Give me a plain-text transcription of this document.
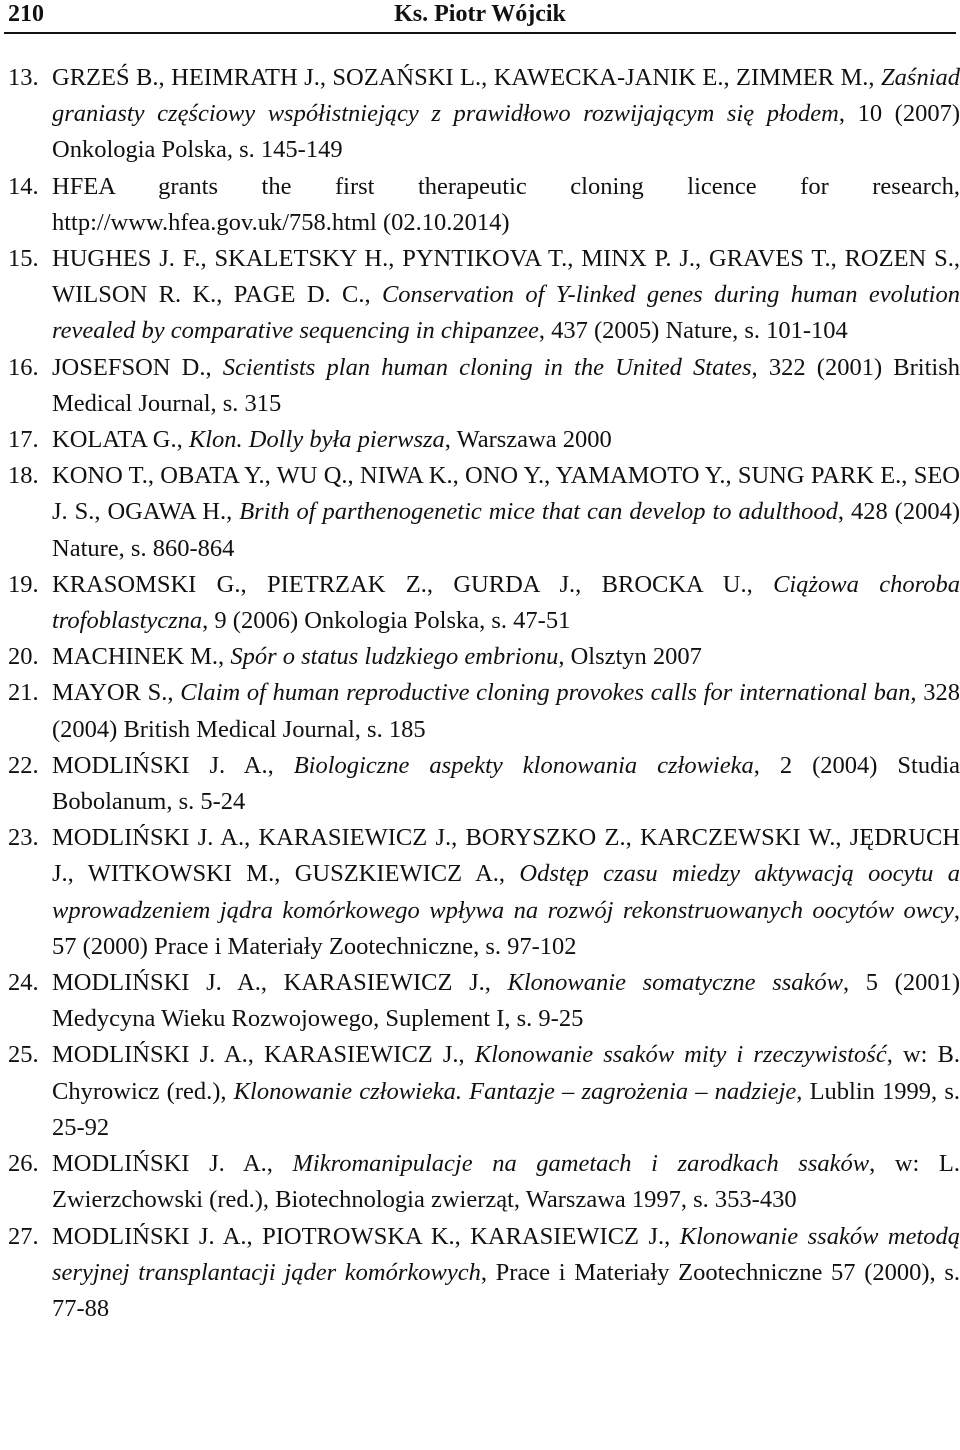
210	Ks. Piotr Wójcik
13. GRZEŚ B., HEIMRATH J., SOZAŃSKI L., KAWECKA-JANIK E., ZIMMER M., Zaśniad graniasty częściowy współistniejący z prawidłowo rozwijającym się płodem, 10 (2007) Onkologia Polska, s. 145-149
14. HFEA grants the first therapeutic cloning licence for research, http://www.hfea.gov.uk/758.html (02.10.2014)
15. HUGHES J. F., SKALETSKY H., PYNTIKOVA T., MINX P. J., GRAVES T., ROZEN S., WILSON R. K., PAGE D. C., Conservation of Y-linked genes during human evolution revealed by comparative sequencing in chipanzee, 437 (2005) Nature, s. 101-104
16. JOSEFSON D., Scientists plan human cloning in the United States, 322 (2001) British Medical Journal, s. 315
17. KOLATA G., Klon. Dolly była pierwsza, Warszawa 2000
18. KONO T., OBATA Y., WU Q., NIWA K., ONO Y., YAMAMOTO Y., SUNG PARK E., SEO J. S., OGAWA H., Brith of parthenogenetic mice that can develop to adulthood, 428 (2004) Nature, s. 860-864
19. KRASOMSKI G., PIETRZAK Z., GURDA J., BROCKA U., Ciążowa choroba trofoblastyczna, 9 (2006) Onkologia Polska, s. 47-51
20. MACHINEK M., Spór o status ludzkiego embrionu, Olsztyn 2007
21. MAYOR S., Claim of human reproductive cloning provokes calls for international ban, 328 (2004) British Medical Journal, s. 185
22. MODLIŃSKI J. A., Biologiczne aspekty klonowania człowieka, 2 (2004) Studia Bobolanum, s. 5-24
23. MODLIŃSKI J. A., KARASIEWICZ J., BORYSZKO Z., KARCZEWSKI W., JĘDRUCH J., WITKOWSKI M., GUSZKIEWICZ A., Odstęp czasu miedzy aktywacją oocytu a wprowadzeniem jądra komórkowego wpływa na rozwój rekonstruowanych oocytów owcy, 57 (2000) Prace i Materiały Zootechniczne, s. 97-102
24. MODLIŃSKI J. A., KARASIEWICZ J., Klonowanie somatyczne ssaków, 5 (2001) Medycyna Wieku Rozwojowego, Suplement I, s. 9-25
25. MODLIŃSKI J. A., KARASIEWICZ J., Klonowanie ssaków mity i rzeczywistość, w: B. Chyrowicz (red.), Klonowanie człowieka. Fantazje – zagrożenia – nadzieje, Lublin 1999, s. 25-92
26. MODLIŃSKI J. A., Mikromanipulacje na gametach i zarodkach ssaków, w: L. Zwierzchowski (red.), Biotechnologia zwierząt, Warszawa 1997, s. 353-430
27. MODLIŃSKI J. A., PIOTROWSKA K., KARASIEWICZ J., Klonowanie ssaków metodą seryjnej transplantacji jąder komórkowych, Prace i Materiały Zootechniczne 57 (2000), s. 77-88
